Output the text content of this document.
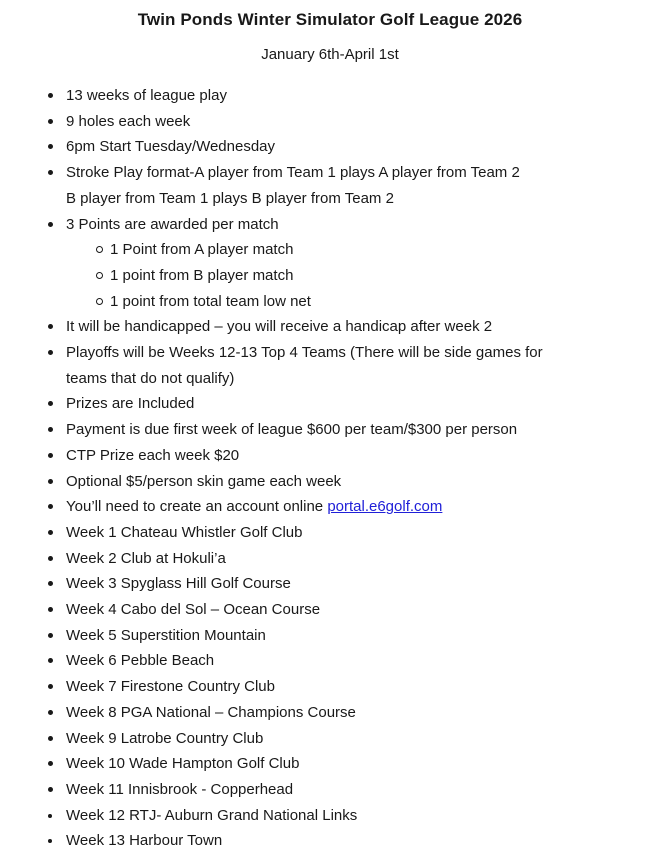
Twin Ponds Winter Simulator Golf League 2026

January 6th-April 1st

13 weeks of league play
9 holes each week
6pm Start Tuesday/Wednesday
Stroke Play format-A player from Team 1 plays A player from Team 2
B player from Team 1 plays B player from Team 2
3 Points are awarded per match
1 Point from A player match
1 point from B player match
1 point from total team low net
It will be handicapped – you will receive a handicap after week 2
Playoffs will be Weeks 12-13 Top 4 Teams (There will be side games for
teams that do not qualify)
Prizes are Included
Payment is due first week of league $600 per team/$300 per person
CTP Prize each week $20
Optional $5/person skin game each week
You’ll need to create an account online portal.e6golf.com
Week 1 Chateau Whistler Golf Club
Week 2 Club at Hokuli’a
Week 3 Spyglass Hill Golf Course
Week 4 Cabo del Sol – Ocean Course
Week 5 Superstition Mountain
Week 6 Pebble Beach
Week 7 Firestone Country Club
Week 8 PGA National – Champions Course
Week 9 Latrobe Country Club
Week 10 Wade Hampton Golf Club
Week 11 Innisbrook - Copperhead
Week 12 RTJ- Auburn Grand National Links
Week 13 Harbour Town
